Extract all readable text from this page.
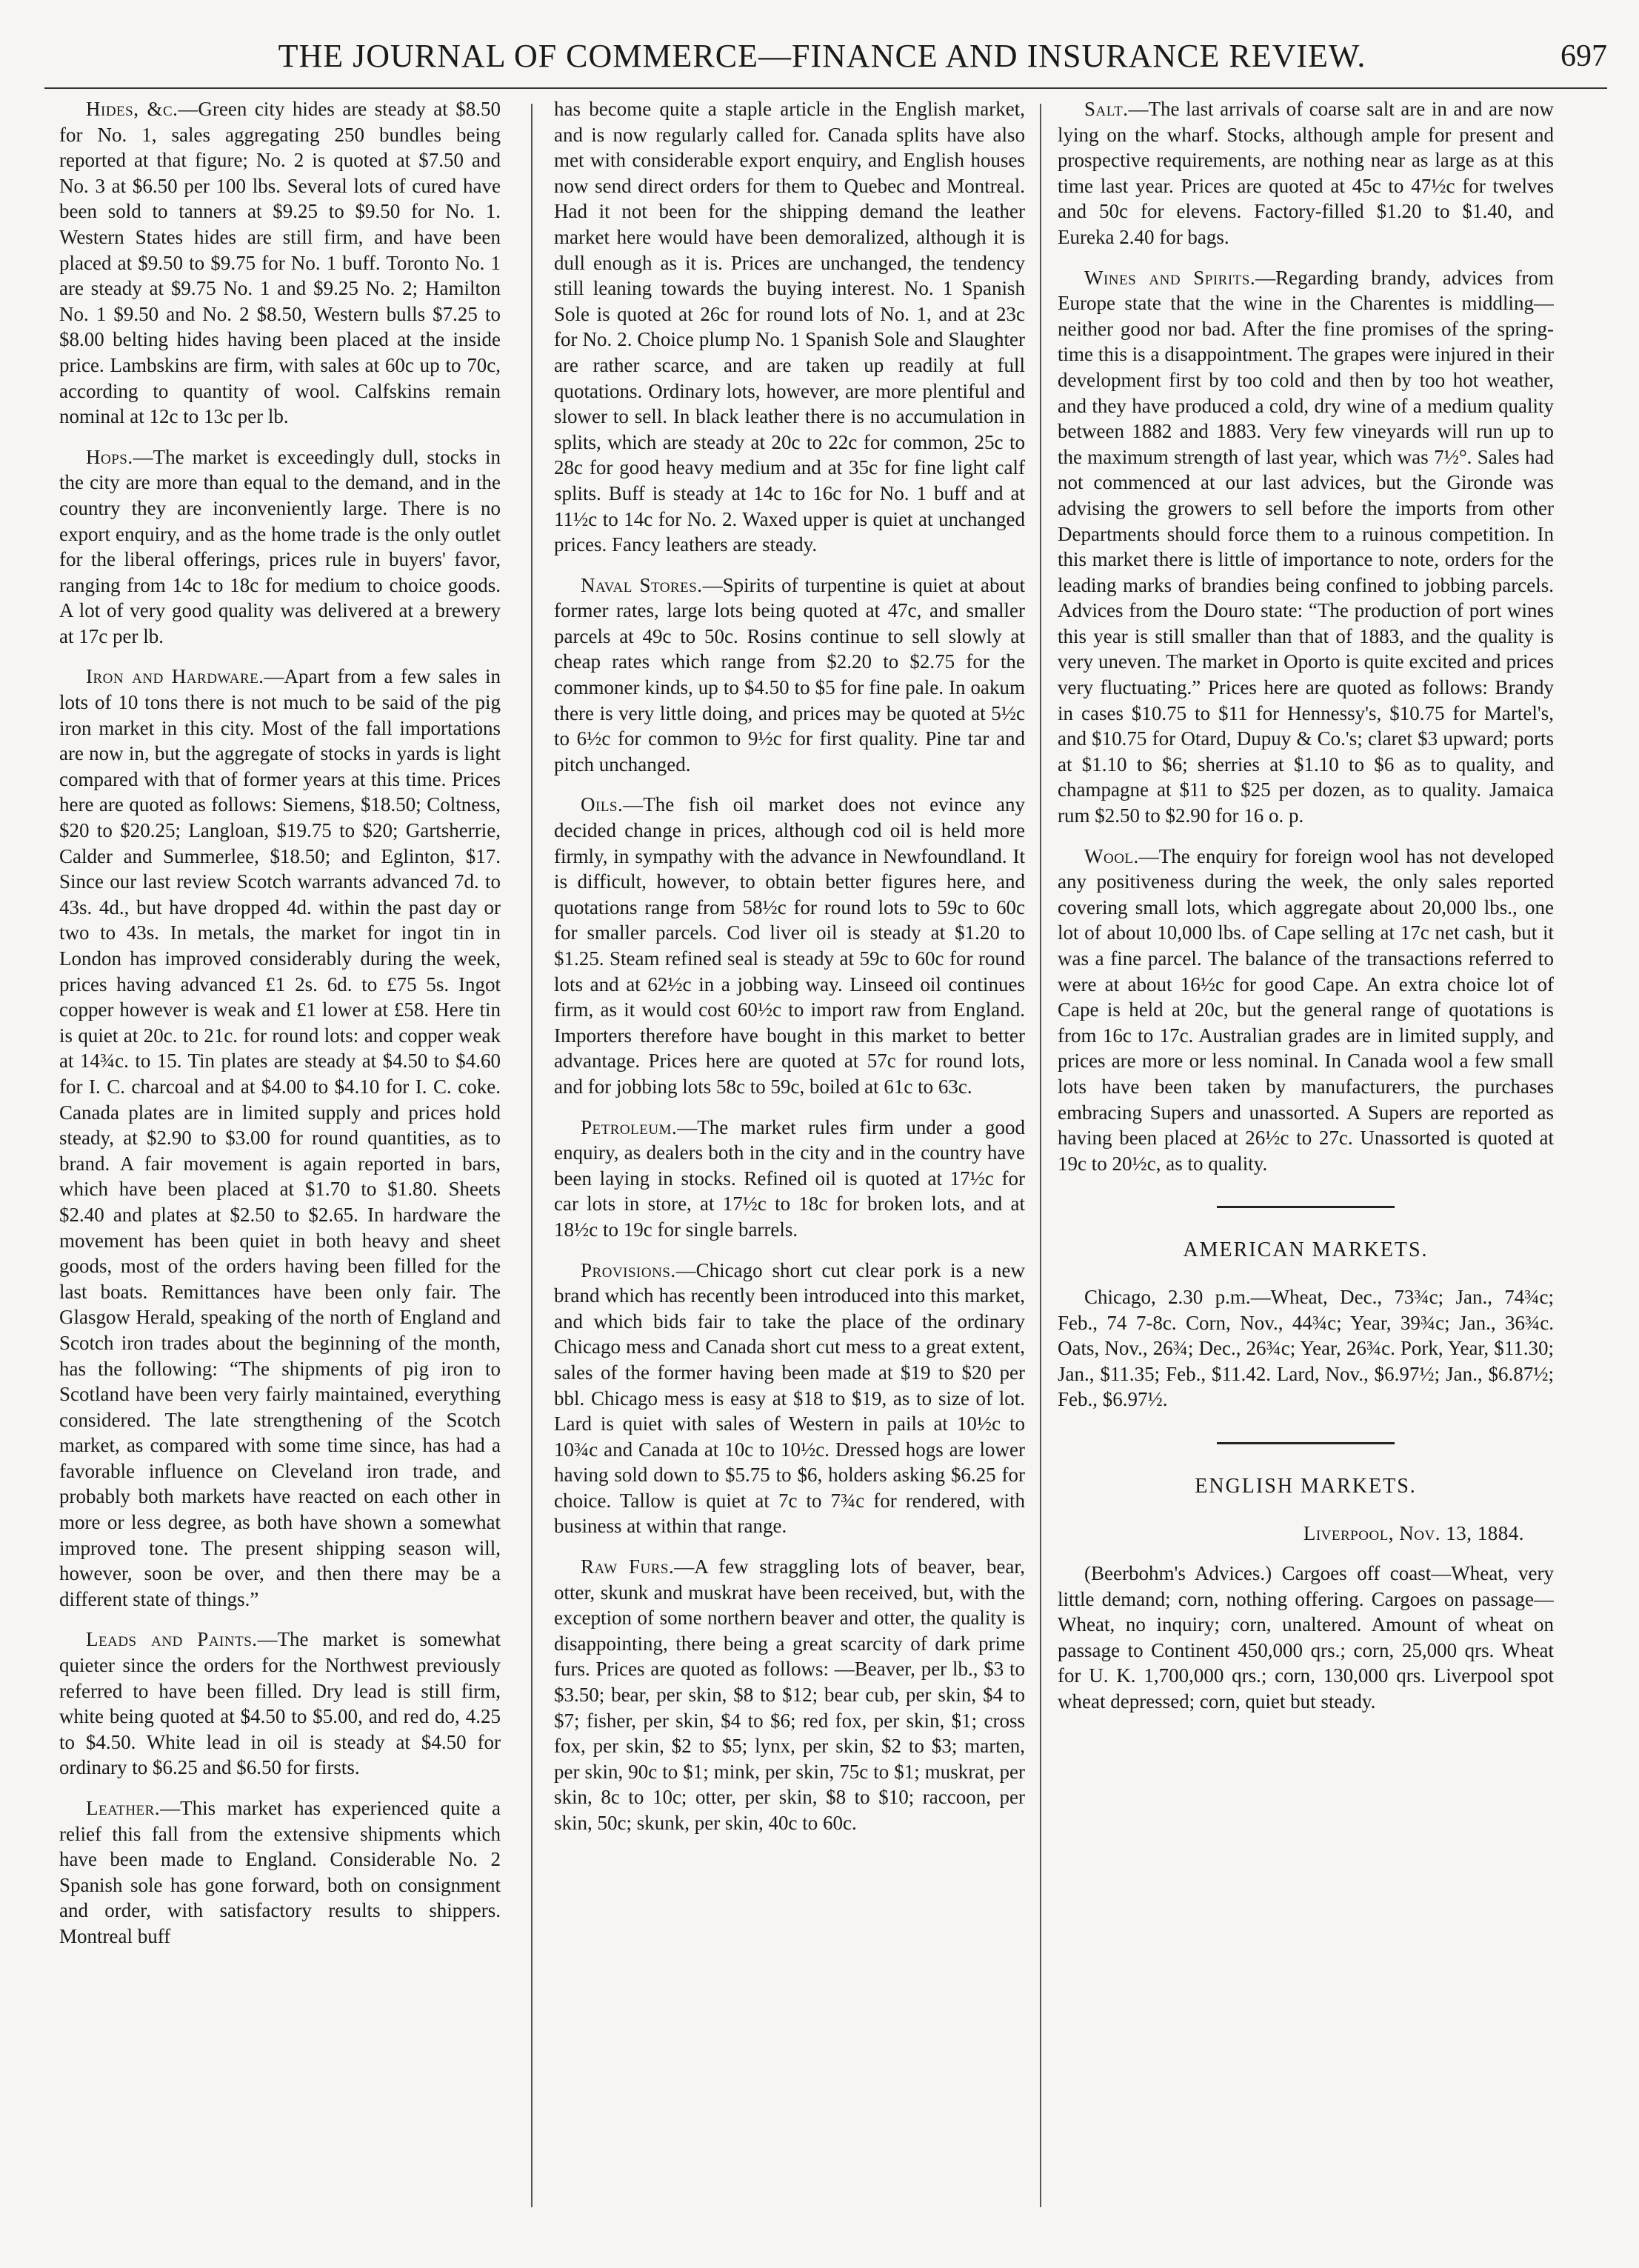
THE JOURNAL OF COMMERCE—FINANCE AND INSURANCE REVIEW.	697

Hides, &c.—Green city hides are steady at $8.50 for No. 1, sales aggregating 250 bundles being reported at that figure; No. 2 is quoted at $7.50 and No. 3 at $6.50 per 100 lbs. Several lots of cured have been sold to tanners at $9.25 to $9.50 for No. 1. Western States hides are still firm, and have been placed at $9.50 to $9.75 for No. 1 buff. Toronto No. 1 are steady at $9.75 No. 1 and $9.25 No. 2; Hamilton No. 1 $9.50 and No. 2 $8.50, Western bulls $7.25 to $8.00 belting hides having been placed at the inside price. Lambskins are firm, with sales at 60c up to 70c, according to quantity of wool. Calfskins remain nominal at 12c to 13c per lb.

Hops.—The market is exceedingly dull, stocks in the city are more than equal to the demand, and in the country they are inconveniently large. There is no export enquiry, and as the home trade is the only outlet for the liberal offerings, prices rule in buyers' favor, ranging from 14c to 18c for medium to choice goods. A lot of very good quality was delivered at a brewery at 17c per lb.

Iron and Hardware.—Apart from a few sales in lots of 10 tons there is not much to be said of the pig iron market in this city. Most of the fall importations are now in, but the aggregate of stocks in yards is light compared with that of former years at this time. Prices here are quoted as follows: Siemens, $18.50; Coltness, $20 to $20.25; Langloan, $19.75 to $20; Gartsherrie, Calder and Summerlee, $18.50; and Eglinton, $17. Since our last review Scotch warrants advanced 7d. to 43s. 4d., but have dropped 4d. within the past day or two to 43s. In metals, the market for ingot tin in London has improved considerably during the week, prices having advanced £1 2s. 6d. to £75 5s. Ingot copper however is weak and £1 lower at £58. Here tin is quiet at 20c. to 21c. for round lots: and copper weak at 14¾c. to 15. Tin plates are steady at $4.50 to $4.60 for I. C. charcoal and at $4.00 to $4.10 for I. C. coke. Canada plates are in limited supply and prices hold steady, at $2.90 to $3.00 for round quantities, as to brand. A fair movement is again reported in bars, which have been placed at $1.70 to $1.80. Sheets $2.40 and plates at $2.50 to $2.65. In hardware the movement has been quiet in both heavy and sheet goods, most of the orders having been filled for the last boats. Remittances have been only fair. The Glasgow Herald, speaking of the north of England and Scotch iron trades about the beginning of the month, has the following: “The shipments of pig iron to Scotland have been very fairly maintained, everything considered. The late strengthening of the Scotch market, as compared with some time since, has had a favorable influence on Cleveland iron trade, and probably both markets have reacted on each other in more or less degree, as both have shown a somewhat improved tone. The present shipping season will, however, soon be over, and then there may be a different state of things.”

Leads and Paints.—The market is somewhat quieter since the orders for the Northwest previously referred to have been filled. Dry lead is still firm, white being quoted at $4.50 to $5.00, and red do, 4.25 to $4.50. White lead in oil is steady at $4.50 for ordinary to $6.25 and $6.50 for firsts.

Leather.—This market has experienced quite a relief this fall from the extensive shipments which have been made to England. Considerable No. 2 Spanish sole has gone forward, both on consignment and order, with satisfactory results to shippers. Montreal buff

has become quite a staple article in the English market, and is now regularly called for. Canada splits have also met with considerable export enquiry, and English houses now send direct orders for them to Quebec and Montreal. Had it not been for the shipping demand the leather market here would have been demoralized, although it is dull enough as it is. Prices are unchanged, the tendency still leaning towards the buying interest. No. 1 Spanish Sole is quoted at 26c for round lots of No. 1, and at 23c for No. 2. Choice plump No. 1 Spanish Sole and Slaughter are rather scarce, and are taken up readily at full quotations. Ordinary lots, however, are more plentiful and slower to sell. In black leather there is no accumulation in splits, which are steady at 20c to 22c for common, 25c to 28c for good heavy medium and at 35c for fine light calf splits. Buff is steady at 14c to 16c for No. 1 buff and at 11½c to 14c for No. 2. Waxed upper is quiet at unchanged prices. Fancy leathers are steady.

Naval Stores.—Spirits of turpentine is quiet at about former rates, large lots being quoted at 47c, and smaller parcels at 49c to 50c. Rosins continue to sell slowly at cheap rates which range from $2.20 to $2.75 for the commoner kinds, up to $4.50 to $5 for fine pale. In oakum there is very little doing, and prices may be quoted at 5½c to 6½c for common to 9½c for first quality. Pine tar and pitch unchanged.

Oils.—The fish oil market does not evince any decided change in prices, although cod oil is held more firmly, in sympathy with the advance in Newfoundland. It is difficult, however, to obtain better figures here, and quotations range from 58½c for round lots to 59c to 60c for smaller parcels. Cod liver oil is steady at $1.20 to $1.25. Steam refined seal is steady at 59c to 60c for round lots and at 62½c in a jobbing way. Linseed oil continues firm, as it would cost 60½c to import raw from England. Importers therefore have bought in this market to better advantage. Prices here are quoted at 57c for round lots, and for jobbing lots 58c to 59c, boiled at 61c to 63c.

Petroleum.—The market rules firm under a good enquiry, as dealers both in the city and in the country have been laying in stocks. Refined oil is quoted at 17½c for car lots in store, at 17½c to 18c for broken lots, and at 18½c to 19c for single barrels.

Provisions.—Chicago short cut clear pork is a new brand which has recently been introduced into this market, and which bids fair to take the place of the ordinary Chicago mess and Canada short cut mess to a great extent, sales of the former having been made at $19 to $20 per bbl. Chicago mess is easy at $18 to $19, as to size of lot. Lard is quiet with sales of Western in pails at 10½c to 10¾c and Canada at 10c to 10½c. Dressed hogs are lower having sold down to $5.75 to $6, holders asking $6.25 for choice. Tallow is quiet at 7c to 7¾c for rendered, with business at within that range.

Raw Furs.—A few straggling lots of beaver, bear, otter, skunk and muskrat have been received, but, with the exception of some northern beaver and otter, the quality is disappointing, there being a great scarcity of dark prime furs. Prices are quoted as follows: —Beaver, per lb., $3 to $3.50; bear, per skin, $8 to $12; bear cub, per skin, $4 to $7; fisher, per skin, $4 to $6; red fox, per skin, $1; cross fox, per skin, $2 to $5; lynx, per skin, $2 to $3; marten, per skin, 90c to $1; mink, per skin, 75c to $1; muskrat, per skin, 8c to 10c; otter, per skin, $8 to $10; raccoon, per skin, 50c; skunk, per skin, 40c to 60c.

Salt.—The last arrivals of coarse salt are in and are now lying on the wharf. Stocks, although ample for present and prospective requirements, are nothing near as large as at this time last year. Prices are quoted at 45c to 47½c for twelves and 50c for elevens. Factory-filled $1.20 to $1.40, and Eureka 2.40 for bags.

Wines and Spirits.—Regarding brandy, advices from Europe state that the wine in the Charentes is middling—neither good nor bad. After the fine promises of the spring-time this is a disappointment. The grapes were injured in their development first by too cold and then by too hot weather, and they have produced a cold, dry wine of a medium quality between 1882 and 1883. Very few vineyards will run up to the maximum strength of last year, which was 7½°. Sales had not commenced at our last advices, but the Gironde was advising the growers to sell before the imports from other Departments should force them to a ruinous competition. In this market there is little of importance to note, orders for the leading marks of brandies being confined to jobbing parcels. Advices from the Douro state: “The production of port wines this year is still smaller than that of 1883, and the quality is very uneven. The market in Oporto is quite excited and prices very fluctuating.” Prices here are quoted as follows: Brandy in cases $10.75 to $11 for Hennessy's, $10.75 for Martel's, and $10.75 for Otard, Dupuy & Co.'s; claret $3 upward; ports at $1.10 to $6; sherries at $1.10 to $6 as to quality, and champagne at $11 to $25 per dozen, as to quality. Jamaica rum $2.50 to $2.90 for 16 o. p.

Wool.—The enquiry for foreign wool has not developed any positiveness during the week, the only sales reported covering small lots, which aggregate about 20,000 lbs., one lot of about 10,000 lbs. of Cape selling at 17c net cash, but it was a fine parcel. The balance of the transactions referred to were at about 16½c for good Cape. An extra choice lot of Cape is held at 20c, but the general range of quotations is from 16c to 17c. Australian grades are in limited supply, and prices are more or less nominal. In Canada wool a few small lots have been taken by manufacturers, the purchases embracing Supers and unassorted. A Supers are reported as having been placed at 26½c to 27c. Unassorted is quoted at 19c to 20½c, as to quality.

AMERICAN MARKETS.

Chicago, 2.30 p.m.—Wheat, Dec., 73¾c; Jan., 74¾c; Feb., 74 7-8c. Corn, Nov., 44¾c; Year, 39¾c; Jan., 36¾c. Oats, Nov., 26¾; Dec., 26¾c; Year, 26¾c. Pork, Year, $11.30; Jan., $11.35; Feb., $11.42. Lard, Nov., $6.97½; Jan., $6.87½; Feb., $6.97½.

ENGLISH MARKETS.

Liverpool, Nov. 13, 1884.

(Beerbohm's Advices.) Cargoes off coast—Wheat, very little demand; corn, nothing offering. Cargoes on passage—Wheat, no inquiry; corn, unaltered. Amount of wheat on passage to Continent 450,000 qrs.; corn, 25,000 qrs. Wheat for U. K. 1,700,000 qrs.; corn, 130,000 qrs. Liverpool spot wheat depressed; corn, quiet but steady.
